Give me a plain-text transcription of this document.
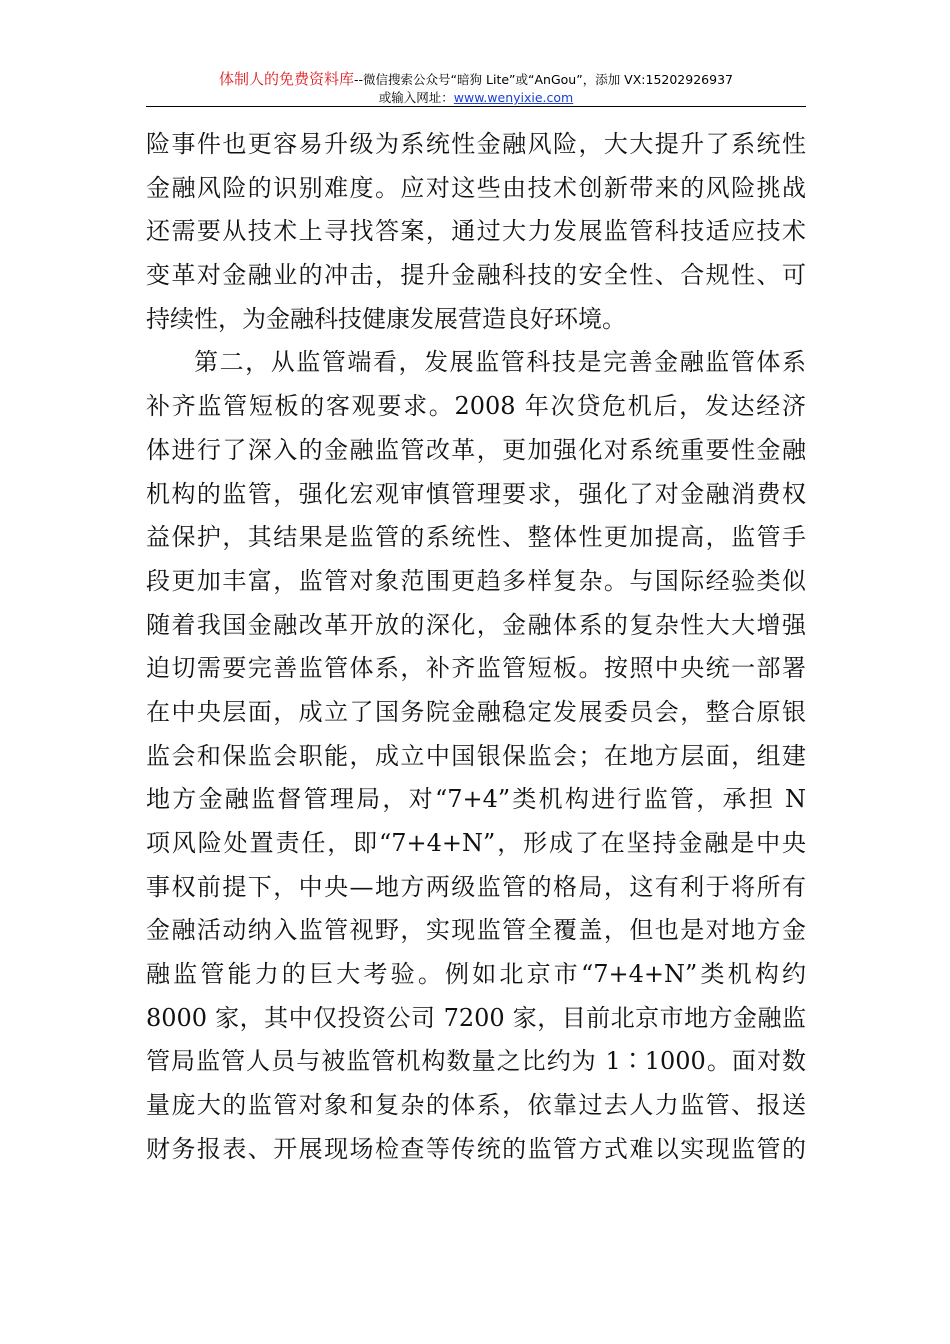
体制人的免费资料库--微信搜索公众号“暗狗 Lite”或“AnGou”，添加 VX:15202926937
或输入网址：www.wenyixie.com
险事件也更容易升级为系统性金融风险，大大提升了系统性
金融风险的识别难度。应对这些由技术创新带来的风险挑战
还需要从技术上寻找答案，通过大力发展监管科技适应技术
变革对金融业的冲击，提升金融科技的安全性、合规性、可
持续性，为金融科技健康发展营造良好环境。
第二，从监管端看，发展监管科技是完善金融监管体系
补齐监管短板的客观要求。2008 年次贷危机后，发达经济
体进行了深入的金融监管改革，更加强化对系统重要性金融
机构的监管，强化宏观审慎管理要求，强化了对金融消费权
益保护，其结果是监管的系统性、整体性更加提高，监管手
段更加丰富，监管对象范围更趋多样复杂。与国际经验类似
随着我国金融改革开放的深化，金融体系的复杂性大大增强
迫切需要完善监管体系，补齐监管短板。按照中央统一部署
在中央层面，成立了国务院金融稳定发展委员会，整合原银
监会和保监会职能，成立中国银保监会；在地方层面，组建
地方金融监督管理局，对“7+4”类机构进行监管，承担 N
项风险处置责任，即“7+4+N”，形成了在坚持金融是中央
事权前提下，中央—地方两级监管的格局，这有利于将所有
金融活动纳入监管视野，实现监管全覆盖，但也是对地方金
融监管能力的巨大考验。例如北京市“7+4+N”类机构约
8000 家，其中仅投资公司 7200 家，目前北京市地方金融监
管局监管人员与被监管机构数量之比约为 1∶1000。面对数
量庞大的监管对象和复杂的体系，依靠过去人力监管、报送
财务报表、开展现场检查等传统的监管方式难以实现监管的
